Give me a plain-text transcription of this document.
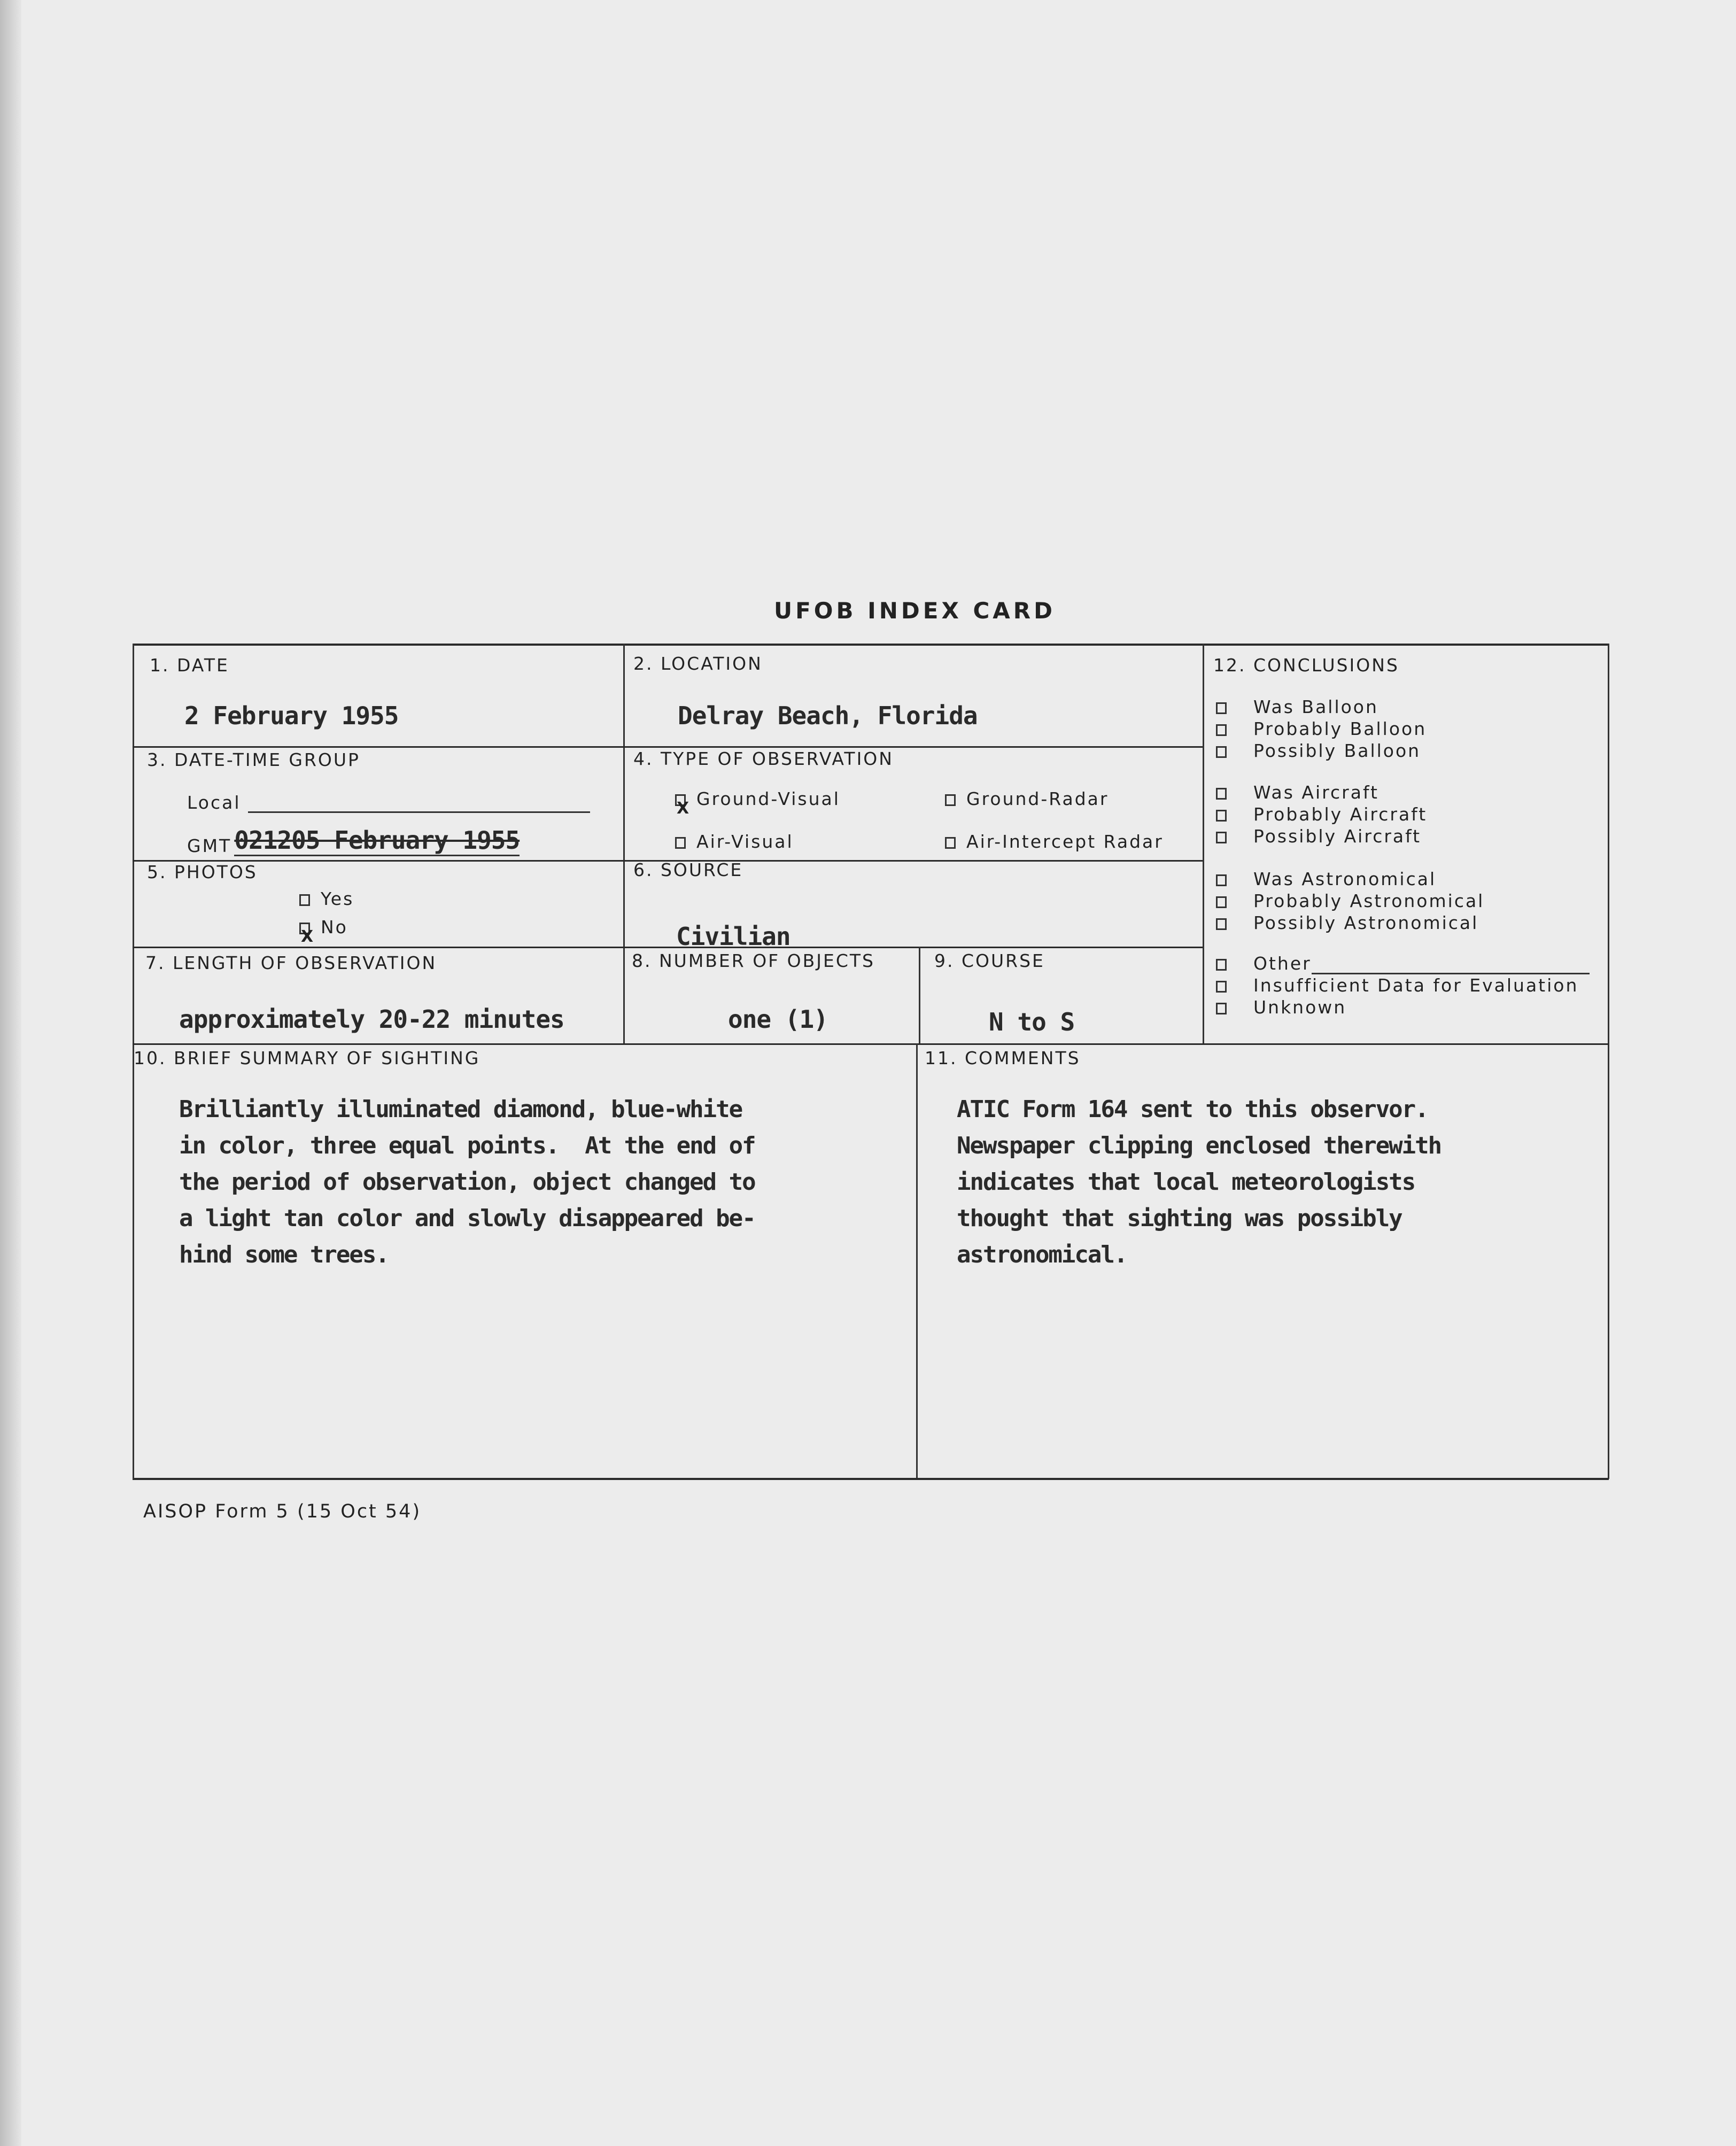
UFOB INDEX CARD
1. DATE
2 February 1955
2. LOCATION
Delray Beach, Florida
3. DATE-TIME GROUP
Local
GMT 021205 February 1955
4. TYPE OF OBSERVATION
XGround-Visual	Ground-Radar
Air-Visual	Air-Intercept Radar
5. PHOTOS
Yes
XNo
6. SOURCE
Civilian
7. LENGTH OF OBSERVATION
approximately 20-22 minutes
8. NUMBER OF OBJECTS
one (1)
9. COURSE
N to S
12. CONCLUSIONS
Was Balloon
Probably Balloon
Possibly Balloon
Was Aircraft
Probably Aircraft
Possibly Aircraft
Was Astronomical
Probably Astronomical
Possibly Astronomical
Other
Insufficient Data for Evaluation
Unknown
10. BRIEF SUMMARY OF SIGHTING
Brilliantly illuminated diamond, blue-white
in color, three equal points.  At the end of
the period of observation, object changed to
a light tan color and slowly disappeared be-
hind some trees.
11. COMMENTS
ATIC Form 164 sent to this observor.
Newspaper clipping enclosed therewith
indicates that local meteorologists
thought that sighting was possibly
astronomical.
AISOP Form 5 (15 Oct 54)
